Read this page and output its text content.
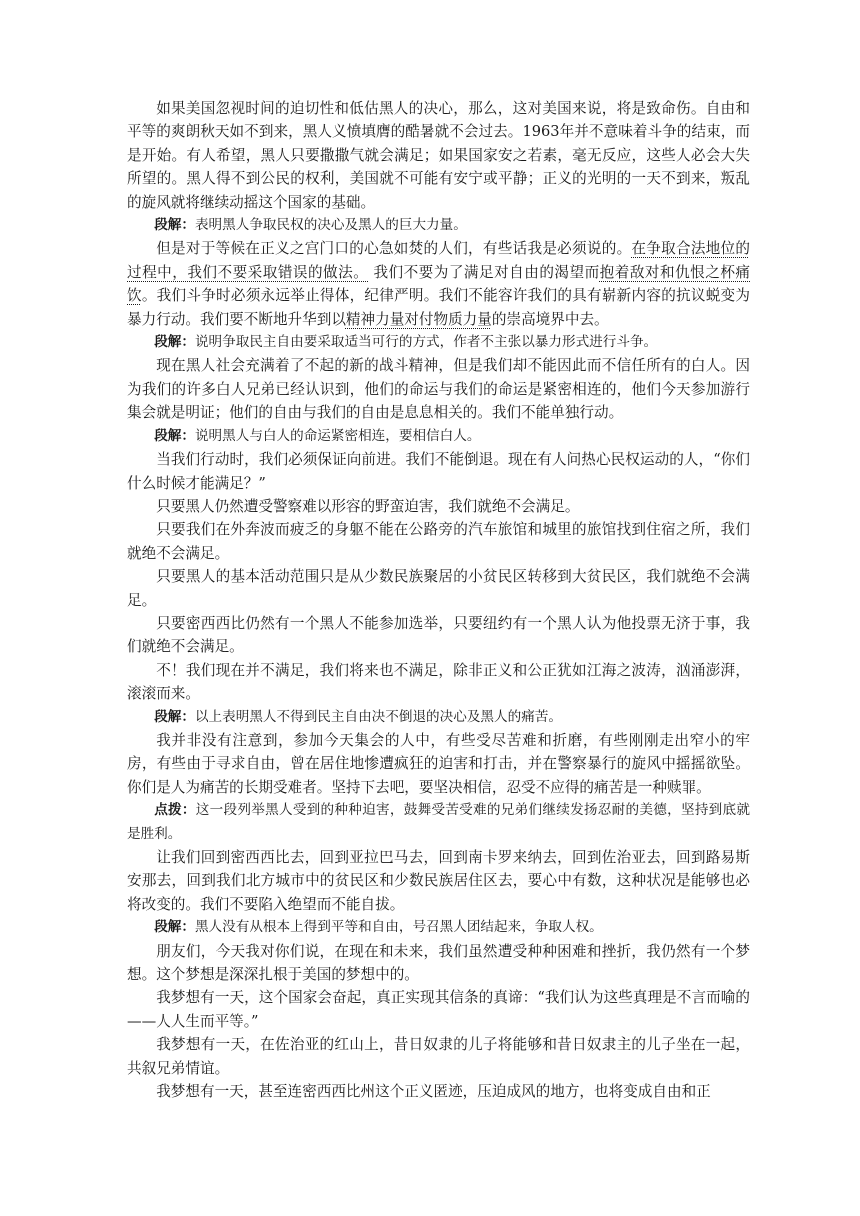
如果美国忽视时间的迫切性和低估黑人的决心，那么，这对美国来说，将是致命伤。自由和平等的爽朗秋天如不到来，黑人义愤填膺的酷暑就不会过去。1963年并不意味着斗争的结束，而是开始。有人希望，黑人只要撒撒气就会满足；如果国家安之若素，毫无反应，这些人必会大失所望的。黑人得不到公民的权利，美国就不可能有安宁或平静；正义的光明的一天不到来，叛乱的旋风就将继续动摇这个国家的基础。

段解：表明黑人争取民权的决心及黑人的巨大力量。

但是对于等候在正义之宫门口的心急如焚的人们，有些话我是必须说的。在争取合法地位的过程中，我们不要采取错误的做法。 我们不要为了满足对自由的渴望而抱着敌对和仇恨之杯痛饮。我们斗争时必须永远举止得体，纪律严明。我们不能容许我们的具有崭新内容的抗议蜕变为暴力行动。我们要不断地升华到以精神力量对付物质力量的崇高境界中去。

段解：说明争取民主自由要采取适当可行的方式，作者不主张以暴力形式进行斗争。

现在黑人社会充满着了不起的新的战斗精神，但是我们却不能因此而不信任所有的白人。因为我们的许多白人兄弟已经认识到，他们的命运与我们的命运是紧密相连的，他们今天参加游行集会就是明证；他们的自由与我们的自由是息息相关的。我们不能单独行动。

段解：说明黑人与白人的命运紧密相连，要相信白人。

当我们行动时，我们必须保证向前进。我们不能倒退。现在有人问热心民权运动的人，“你们什么时候才能满足？”

只要黑人仍然遭受警察难以形容的野蛮迫害，我们就绝不会满足。

只要我们在外奔波而疲乏的身躯不能在公路旁的汽车旅馆和城里的旅馆找到住宿之所，我们就绝不会满足。

只要黑人的基本活动范围只是从少数民族聚居的小贫民区转移到大贫民区，我们就绝不会满足。

只要密西西比仍然有一个黑人不能参加选举，只要纽约有一个黑人认为他投票无济于事，我们就绝不会满足。

不！我们现在并不满足，我们将来也不满足，除非正义和公正犹如江海之波涛，汹涌澎湃，滚滚而来。

段解：以上表明黑人不得到民主自由决不倒退的决心及黑人的痛苦。

我并非没有注意到，参加今天集会的人中，有些受尽苦难和折磨，有些刚刚走出窄小的牢房，有些由于寻求自由，曾在居住地惨遭疯狂的迫害和打击，并在警察暴行的旋风中摇摇欲坠。你们是人为痛苦的长期受难者。坚持下去吧，要坚决相信，忍受不应得的痛苦是一种赎罪。

点拨：这一段列举黑人受到的种种迫害，鼓舞受苦受难的兄弟们继续发扬忍耐的美德，坚持到底就是胜利。

让我们回到密西西比去，回到亚拉巴马去，回到南卡罗来纳去，回到佐治亚去，回到路易斯安那去，回到我们北方城市中的贫民区和少数民族居住区去，要心中有数，这种状况是能够也必将改变的。我们不要陷入绝望而不能自拔。

段解：黑人没有从根本上得到平等和自由，号召黑人团结起来，争取人权。

朋友们，今天我对你们说，在现在和未来，我们虽然遭受种种困难和挫折，我仍然有一个梦想。这个梦想是深深扎根于美国的梦想中的。

我梦想有一天，这个国家会奋起，真正实现其信条的真谛：“我们认为这些真理是不言而喻的——人人生而平等。”

我梦想有一天，在佐治亚的红山上，昔日奴隶的儿子将能够和昔日奴隶主的儿子坐在一起，共叙兄弟情谊。

我梦想有一天，甚至连密西西比州这个正义匿迹，压迫成风的地方，也将变成自由和正
